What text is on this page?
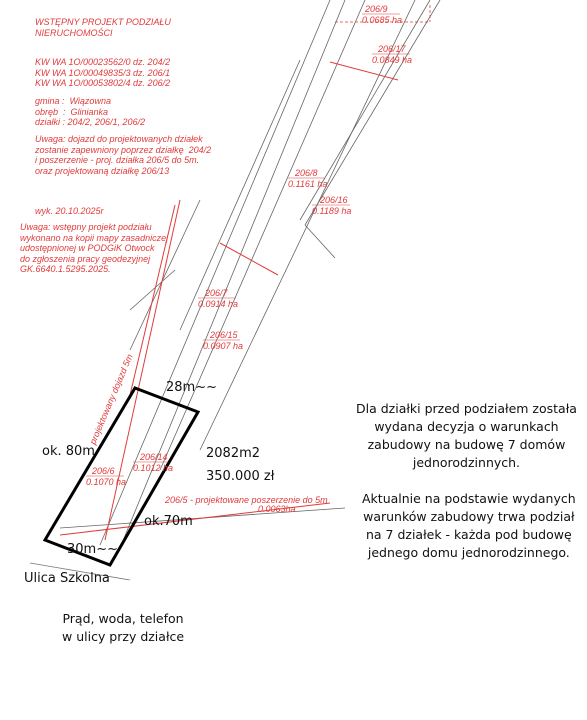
206/9
0.0685 ha
206/17
0.0849 ha
206/8
0.1161 ha
206/16
0.1189 ha
206/7
0.0914 ha
206/15
0.0907 ha
206/14
0.1012 ha
206/6
0.1070 ha
206/5 - projektowane poszerzenie do 5m
0.0063ha
projektowany dojazd 5m
WSTĘPNY PROJEKT PODZIAŁU
NIERUCHOMOŚCI
KW WA 1O/00023562/0 dz. 204/2
KW WA 1O/00049835/3 dz. 206/1
KW WA 1O/00053802/4 dz. 206/2
gmina :  Wiązowna
obręb  :  Glinianka
działki : 204/2, 206/1, 206/2
Uwaga: dojazd do projektowanych działek
zostanie zapewniony poprzez działkę  204/2
i poszerzenie - proj. działka 206/5 do 5m.
oraz projektowaną działkę 206/13
wyk. 20.10.2025r
Uwaga: wstępny projekt podziału
wykonano na kopii mapy zasadniczej
udostępnionej w PODGiK Otwock
do zgłoszenia pracy geodezyjnej
GK.6640.1.5295.2025.
28m~~
ok. 80m
ok.70m
30m~~
2082m2
350.000 zł
Ulica Szkolna
Prąd, woda, telefon
w ulicy przy działce
Dla działki przed podziałem została
wydana decyzja o warunkach
zabudowy na budowę 7 domów
jednorodzinnych.
Aktualnie na podstawie wydanych
warunków zabudowy trwa podział
na 7 działek - każda pod budowę
jednego domu jednorodzinnego.
